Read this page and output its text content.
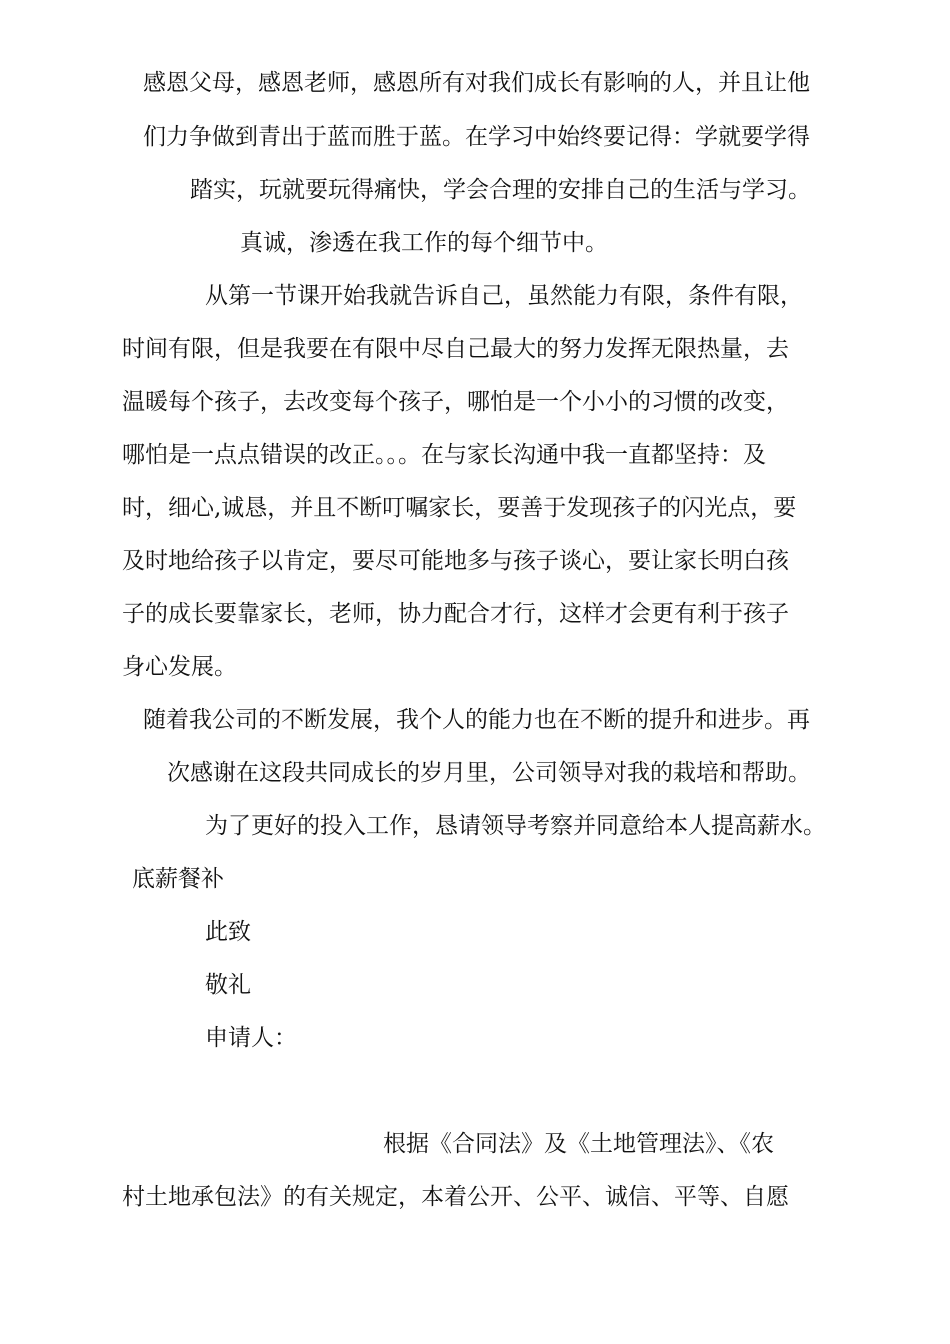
感恩父母，感恩老师，感恩所有对我们成长有影响的人，并且让他
们力争做到青出于蓝而胜于蓝。在学习中始终要记得：学就要学得
踏实，玩就要玩得痛快，学会合理的安排自己的生活与学习。
真诚，渗透在我工作的每个细节中。
从第一节课开始我就告诉自己，虽然能力有限，条件有限，
时间有限，但是我要在有限中尽自己最大的努力发挥无限热量，去
温暖每个孩子，去改变每个孩子，哪怕是一个小小的习惯的改变，
哪怕是一点点错误的改正。。。在与家长沟通中我一直都坚持：及
时，细心,诚恳，并且不断叮嘱家长，要善于发现孩子的闪光点，要
及时地给孩子以肯定，要尽可能地多与孩子谈心，要让家长明白孩
子的成长要靠家长，老师，协力配合才行，这样才会更有利于孩子
身心发展。
随着我公司的不断发展，我个人的能力也在不断的提升和进步。再
次感谢在这段共同成长的岁月里，公司领导对我的栽培和帮助。
为了更好的投入工作，恳请领导考察并同意给本人提高薪水。
底薪餐补
此致
敬礼
申请人：
根据《合同法》及《土地管理法》、《农
村土地承包法》的有关规定，本着公开、公平、诚信、平等、自愿
